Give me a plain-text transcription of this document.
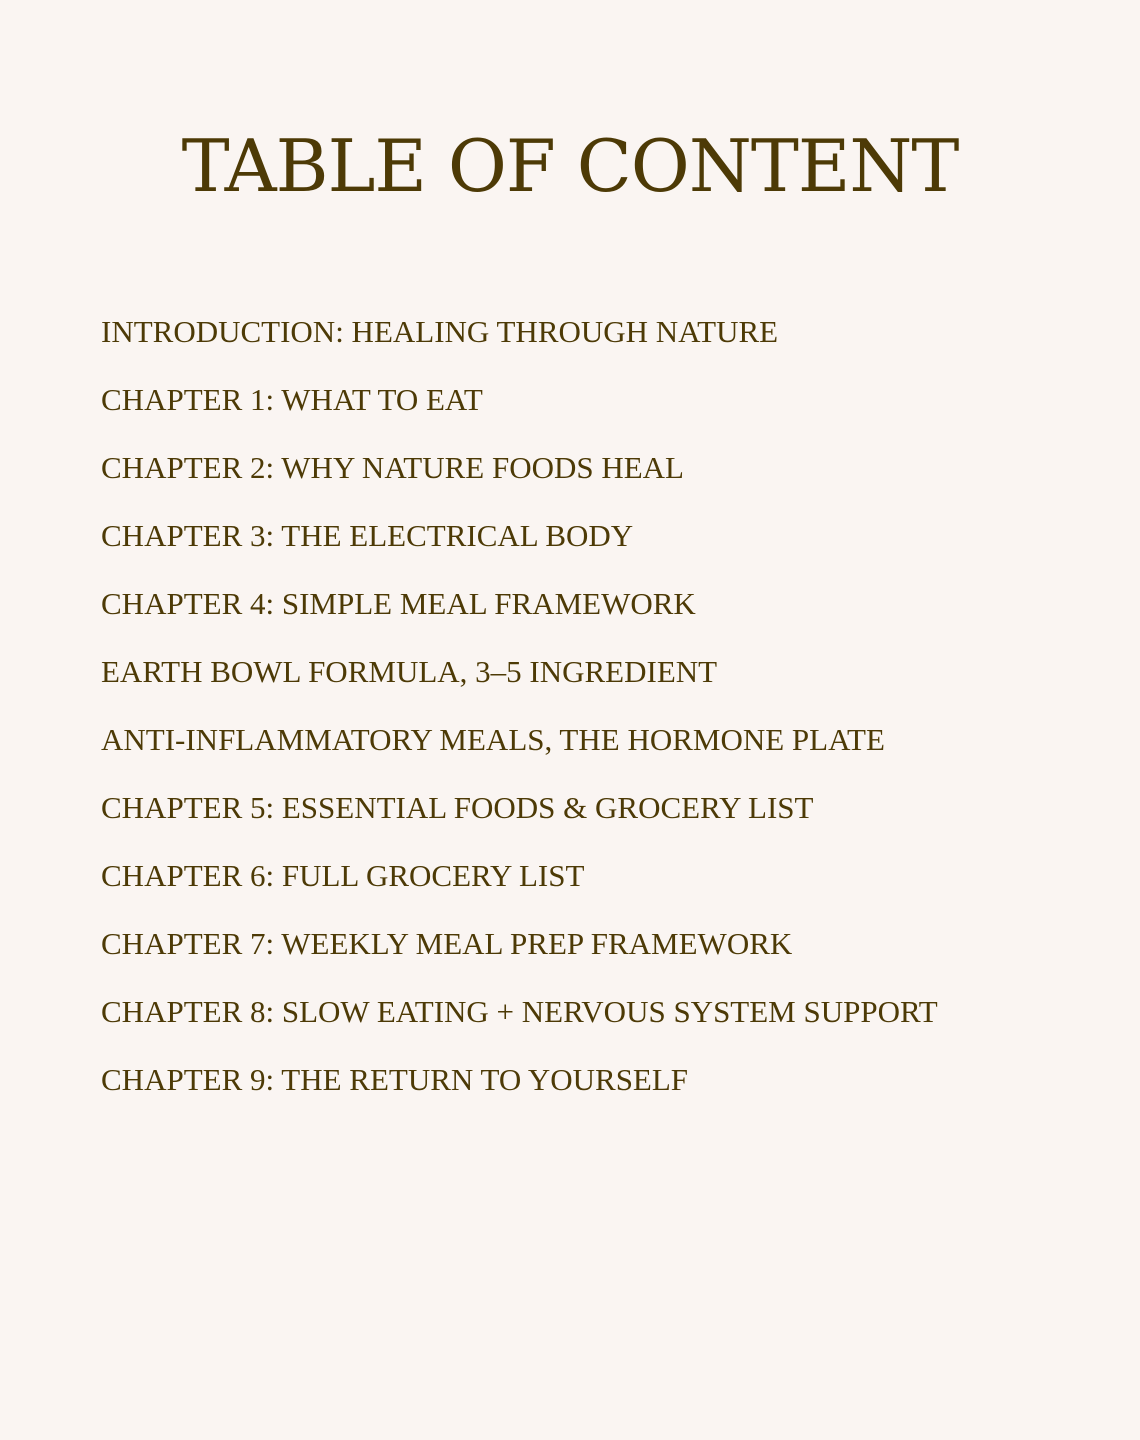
TABLE OF CONTENT
INTRODUCTION: HEALING THROUGH NATURE
CHAPTER 1: WHAT TO EAT
CHAPTER 2: WHY NATURE FOODS HEAL
CHAPTER 3: THE ELECTRICAL BODY
CHAPTER 4: SIMPLE MEAL FRAMEWORK
EARTH BOWL FORMULA, 3–5 INGREDIENT
ANTI-INFLAMMATORY MEALS, THE HORMONE PLATE
CHAPTER 5: ESSENTIAL FOODS & GROCERY LIST
CHAPTER 6: FULL GROCERY LIST
CHAPTER 7: WEEKLY MEAL PREP FRAMEWORK
CHAPTER 8: SLOW EATING + NERVOUS SYSTEM SUPPORT
CHAPTER 9: THE RETURN TO YOURSELF
